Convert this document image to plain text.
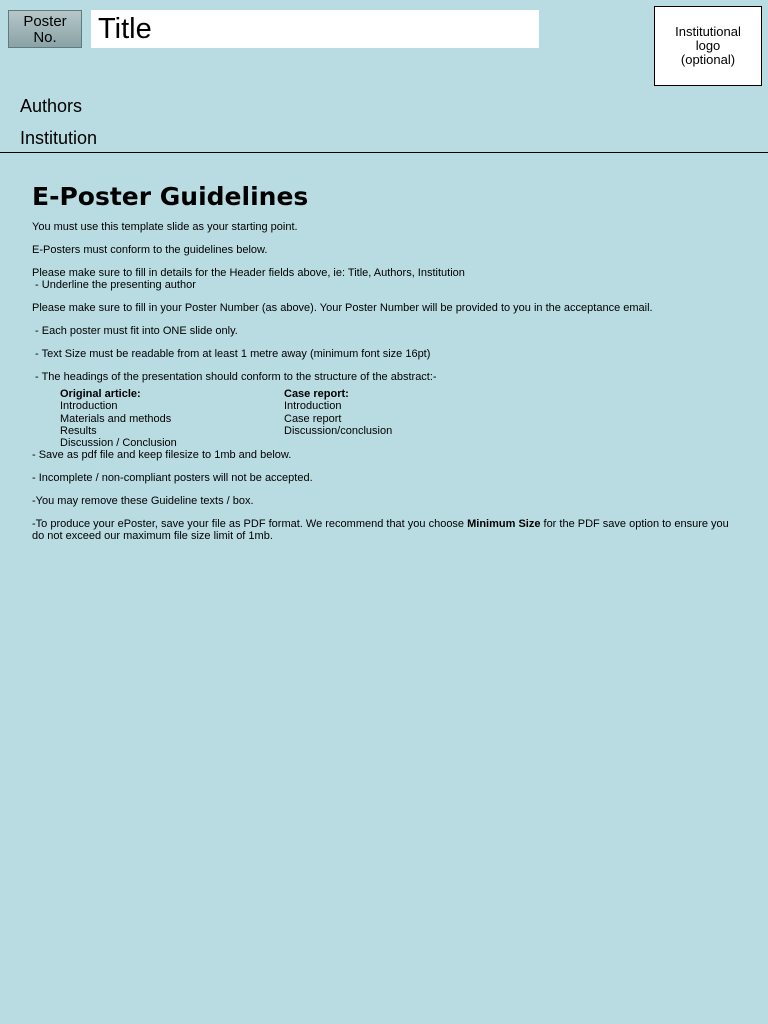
Poster
No.	Title	Institutional
logo
(optional)
Authors
Institution
E-Poster Guidelines

You must use this template slide as your starting point.

E-Posters must conform to the guidelines below.

Please make sure to fill in details for the Header fields above, ie: Title, Authors, Institution
- Underline the presenting author

Please make sure to fill in your Poster Number (as above). Your Poster Number will be provided to you in the acceptance email.

- Each poster must fit into ONE slide only.

- Text Size must be readable from at least 1 metre away (minimum font size 16pt)

- The headings of the presentation should conform to the structure of the abstract:-

Original article:
Introduction
Materials and methods
Results
Discussion / Conclusion
Case report:
Introduction
Case report
Discussion/conclusion

- Save as pdf file and keep filesize to 1mb and below.

- Incomplete / non-compliant posters will not be accepted.

-You may remove these Guideline texts / box.

-To produce your ePoster, save your file as PDF format. We recommend that you choose Minimum Size for the PDF save option to ensure you do not exceed our maximum file size limit of 1mb.
